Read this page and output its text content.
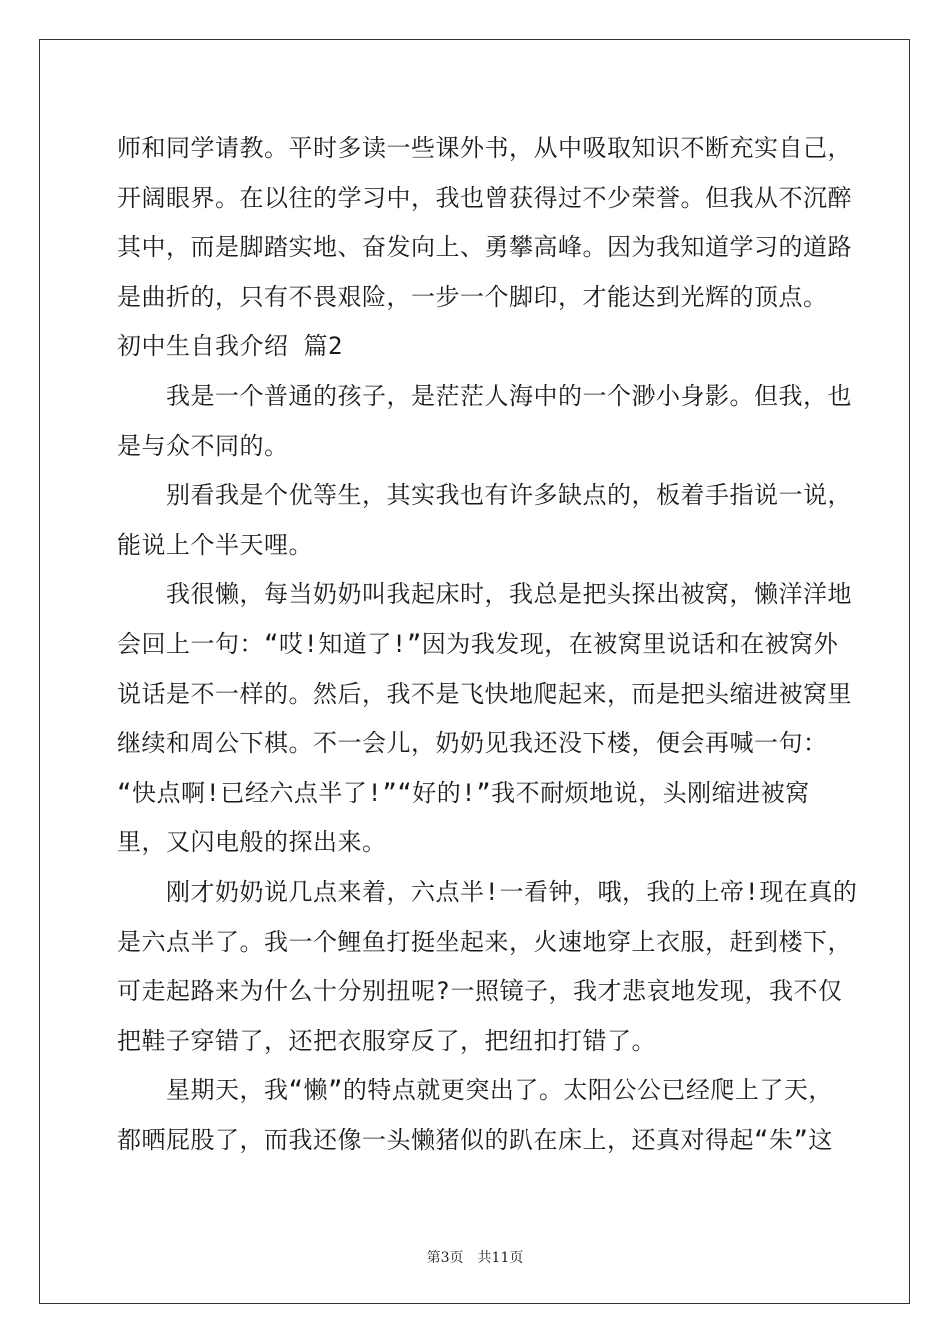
师和同学请教。平时多读一些课外书，从中吸取知识不断充实自己，
开阔眼界。在以往的学习中，我也曾获得过不少荣誉。但我从不沉醉
其中，而是脚踏实地、奋发向上、勇攀高峰。因为我知道学习的道路
是曲折的，只有不畏艰险，一步一个脚印，才能达到光辉的顶点。
初中生自我介绍 篇2
　　我是一个普通的孩子，是茫茫人海中的一个渺小身影。但我，也
是与众不同的。
　　别看我是个优等生，其实我也有许多缺点的，板着手指说一说，
能说上个半天哩。
　　我很懒，每当奶奶叫我起床时，我总是把头探出被窝，懒洋洋地
会回上一句：“哎!知道了!”因为我发现，在被窝里说话和在被窝外
说话是不一样的。然后，我不是飞快地爬起来，而是把头缩进被窝里
继续和周公下棋。不一会儿，奶奶见我还没下楼，便会再喊一句：
“快点啊!已经六点半了!”“好的!”我不耐烦地说，头刚缩进被窝
里，又闪电般的探出来。
　　刚才奶奶说几点来着，六点半!一看钟，哦，我的上帝!现在真的
是六点半了。我一个鲤鱼打挺坐起来，火速地穿上衣服，赶到楼下，
可走起路来为什么十分别扭呢?一照镜子，我才悲哀地发现，我不仅
把鞋子穿错了，还把衣服穿反了，把纽扣打错了。
　　星期天，我“懒”的特点就更突出了。太阳公公已经爬上了天，
都晒屁股了，而我还像一头懒猪似的趴在床上，还真对得起“朱”这
第3页　共11页
